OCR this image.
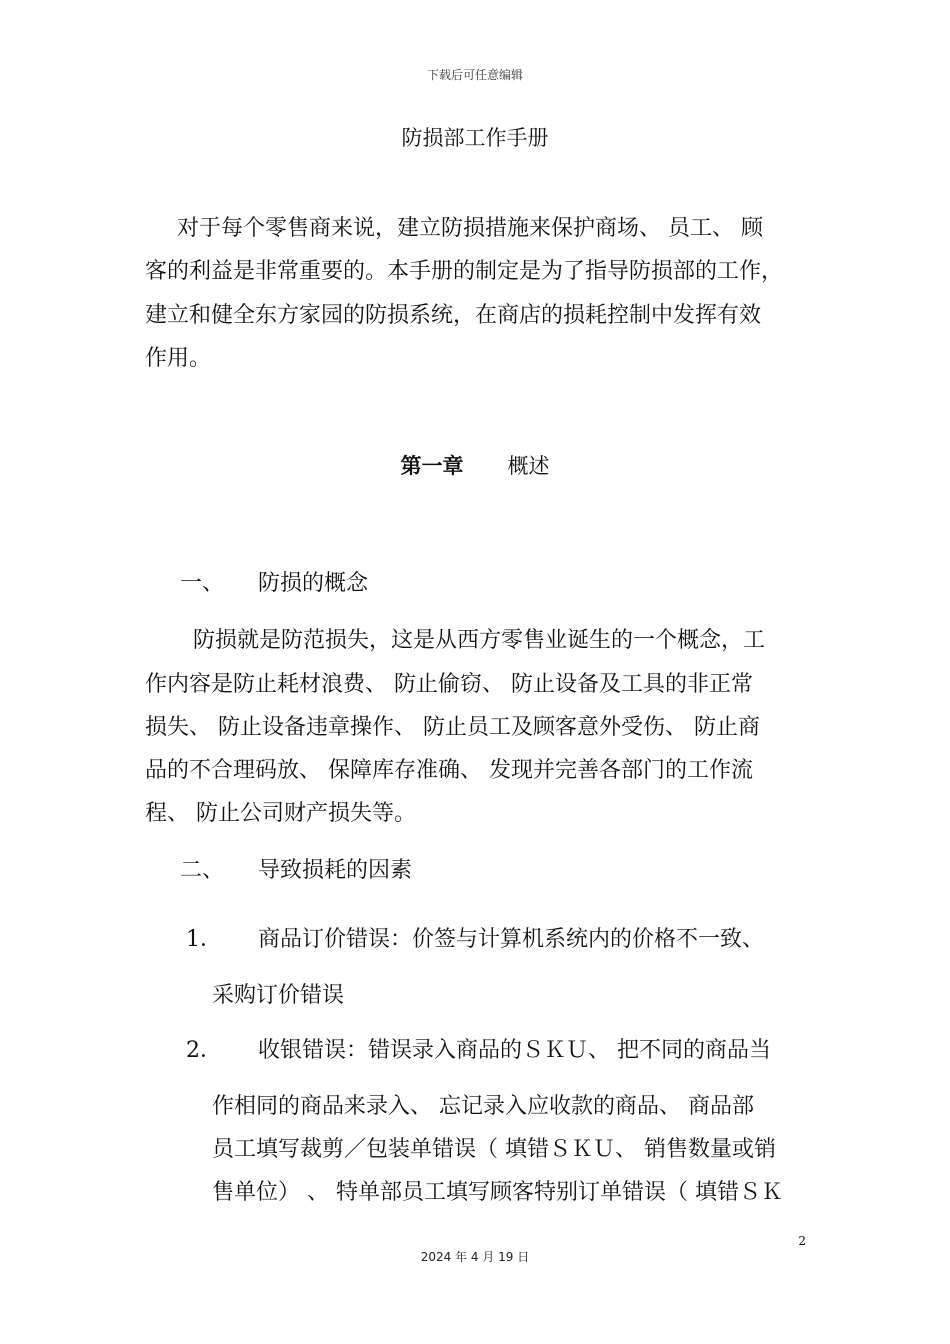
下载后可任意编辑
防损部工作手册
对于每个零售商来说，建立防损措施来保护商场、 员工、 顾
客的利益是非常重要的。本手册的制定是为了指导防损部的工作，
建立和健全东方家园的防损系统，在商店的损耗控制中发挥有效
作用。
第一章 概述
一、 防损的概念
防损就是防范损失，这是从西方零售业诞生的一个概念，工
作内容是防止耗材浪费、 防止偷窃、 防止设备及工具的非正常
损失、 防止设备违章操作、 防止员工及顾客意外受伤、 防止商
品的不合理码放、 保障库存准确、 发现并完善各部门的工作流
程、 防止公司财产损失等。
二、 导致损耗的因素
1． 商品订价错误：价签与计算机系统内的价格不一致、
采购订价错误
2． 收银错误：错误录入商品的ＳＫＵ、 把不同的商品当
作相同的商品来录入、 忘记录入应收款的商品、 商品部
员工填写裁剪／包装单错误（ 填错ＳＫＵ、 销售数量或销
售单位） 、 特单部员工填写顾客特别订单错误（ 填错ＳＫ
2
2024 年 4 月 19 日
